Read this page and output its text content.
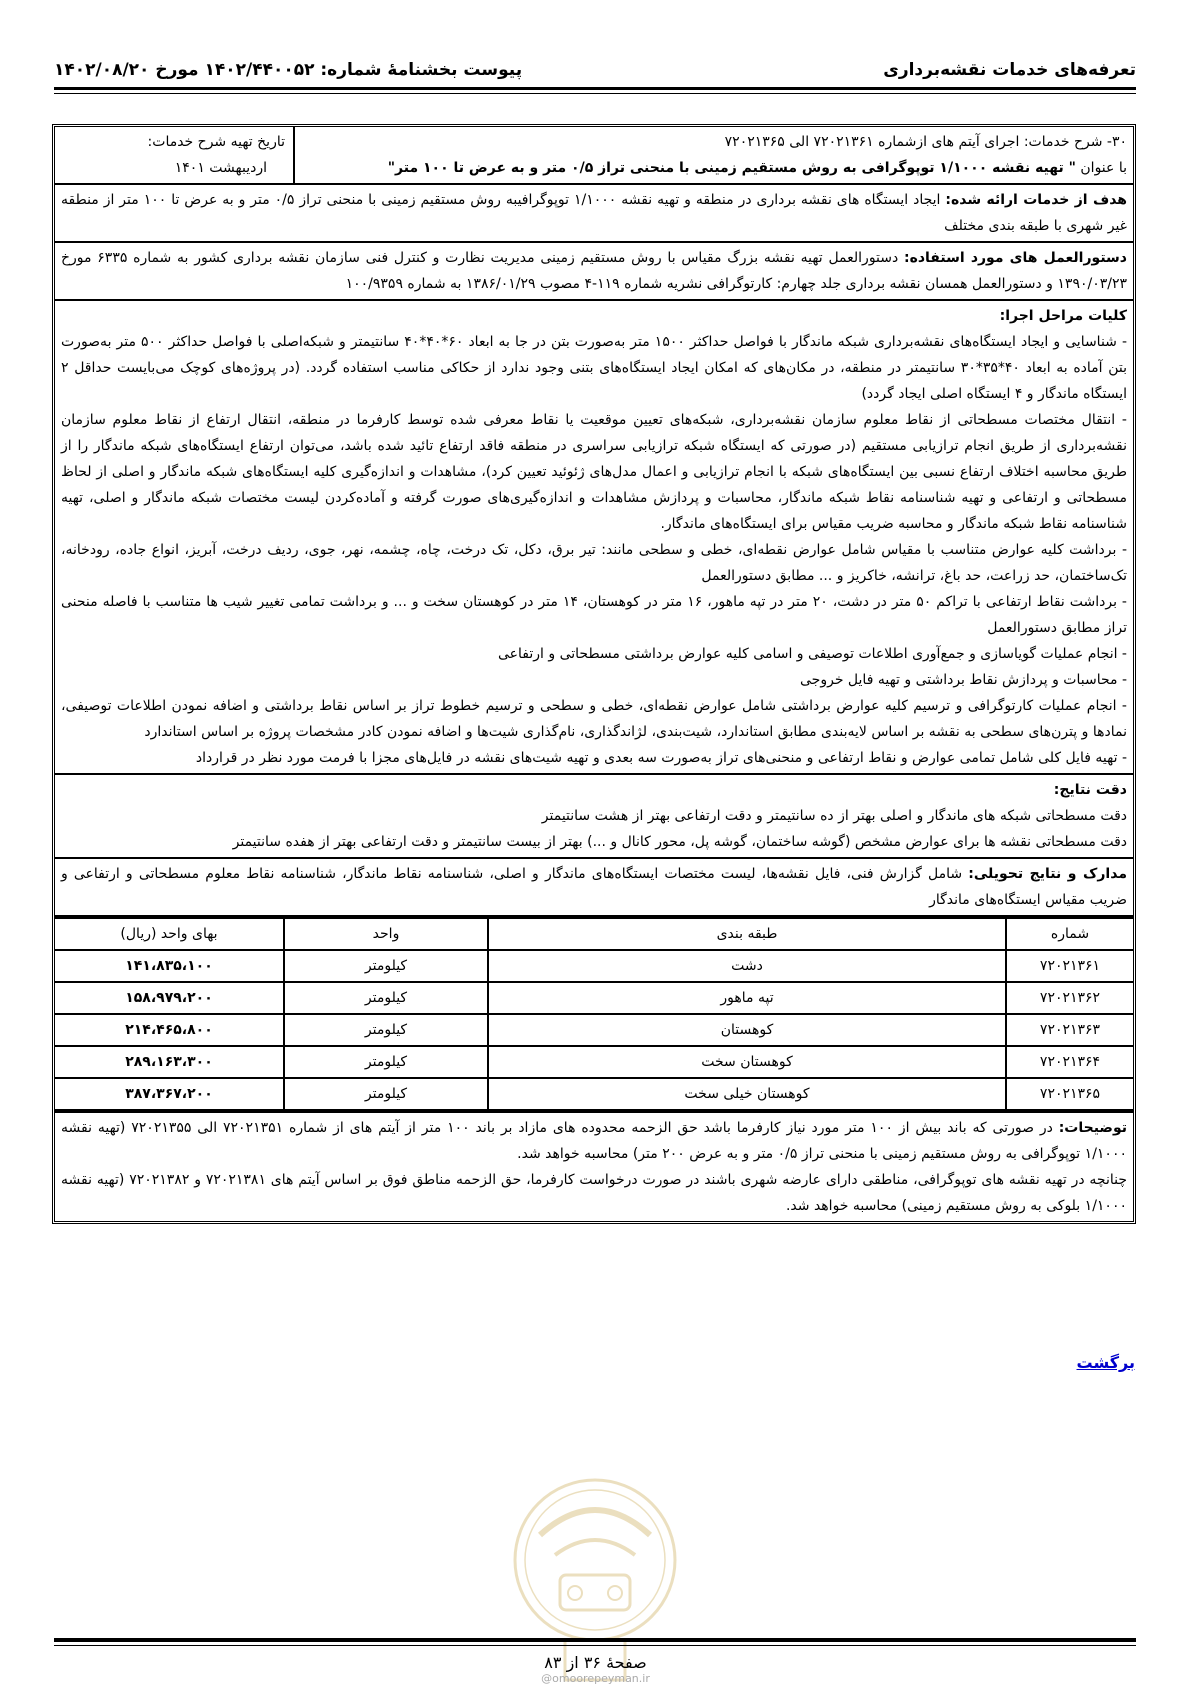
تعرفه‌های خدمات نقشه‌برداری
پیوست بخشنامهٔ شماره: ۱۴۰۲/۴۴۰۰۵۲ مورخ ۱۴۰۲/۰۸/۲۰
۳۰- شرح خدمات: اجرای آیتم های ازشماره ۷۲۰۲۱۳۶۱ الی ۷۲۰۲۱۳۶۵
با عنوان " تهیه نقشه ۱/۱۰۰۰ توپوگرافی به روش مستقیم زمینی با منحنی تراز ۰/۵ متر و به عرض تا ۱۰۰ متر"
تاریخ تهیه شرح خدمات:
اردیبهشت ۱۴۰۱
هدف از خدمات ارائه شده: ایجاد ایستگاه های نقشه برداری در منطقه و تهیه نقشه ۱/۱۰۰۰ توپوگرافیبه روش مستقیم زمینی با منحنی تراز ۰/۵ متر و به عرض تا ۱۰۰ متر از منطقه غیر شهری با طبقه بندی مختلف
دستورالعمل های مورد استفاده: دستورالعمل تهیه نقشه بزرگ مقیاس با روش مستقیم زمینی مدیریت نظارت و کنترل فنی سازمان نقشه برداری کشور به شماره ۶۳۳۵ مورخ ۱۳۹۰/۰۳/۲۳ و دستورالعمل همسان نقشه برداری جلد چهارم: کارتوگرافی نشریه شماره ۱۱۹-۴ مصوب ۱۳۸۶/۰۱/۲۹ به شماره ۱۰۰/۹۳۵۹
کلیات مراحل اجرا:
- شناسایی و ایجاد ایستگاه‌های نقشه‌برداری شبکه ماندگار با فواصل حداکثر ۱۵۰۰ متر به‌صورت بتن در جا به ابعاد ۶۰*۴۰*۴۰ سانتیمتر و شبکه‌اصلی با فواصل حداکثر ۵۰۰ متر به‌صورت بتن آماده به ابعاد ۴۰*۳۵*۳۰ سانتیمتر در منطقه، در مکان‌های که امکان ایجاد ایستگاه‌های بتنی وجود ندارد از حکاکی مناسب استفاده گردد. (در پروژه‌های کوچک می‌بایست حداقل ۲ ایستگاه ماندگار و ۴ ایستگاه اصلی ایجاد گردد)
- انتقال مختصات مسطحاتی از نقاط معلوم سازمان نقشه‌برداری، شبکه‌های تعیین موقعیت یا نقاط معرفی شده توسط کارفرما در منطقه، انتقال ارتفاع از نقاط معلوم سازمان نقشه‌برداری از طریق انجام ترازیابی مستقیم (در صورتی که ایستگاه شبکه ترازیابی سراسری در منطقه فاقد ارتفاع تائید شده باشد، می‌توان ارتفاع ایستگاه‌های شبکه ماندگار را از طریق محاسبه اختلاف ارتفاع نسبی بین ایستگاه‌های شبکه با انجام ترازیابی و اعمال مدل‌های ژئوئید تعیین کرد)، مشاهدات و اندازه‌گیری کلیه ایستگاه‌های شبکه ماندگار و اصلی از لحاظ مسطحاتی و ارتفاعی و تهیه شناسنامه نقاط شبکه ماندگار، محاسبات و پردازش مشاهدات و اندازه‌گیری‌های صورت گرفته و آماده‌کردن لیست مختصات شبکه ماندگار و اصلی، تهیه شناسنامه نقاط شبکه ماندگار و محاسبه ضریب مقیاس برای ایستگاه‌های ماندگار.
- برداشت کلیه عوارض متناسب با مقیاس شامل عوارض نقطه‌ای، خطی و سطحی مانند: تیر برق، دکل، تک درخت، چاه، چشمه، نهر، جوی، ردیف درخت، آبریز، انواع جاده، رودخانه، تک‌ساختمان، حد زراعت، حد باغ، ترانشه، خاکریز و ... مطابق دستورالعمل
- برداشت نقاط ارتفاعی با تراکم ۵۰ متر در دشت، ۲۰ متر در تپه ماهور، ۱۶ متر در کوهستان، ۱۴ متر در کوهستان سخت و ... و برداشت تمامی تغییر شیب ها متناسب با فاصله منحنی تراز مطابق دستورالعمل
- انجام عملیات گویاسازی و جمع‌آوری اطلاعات توصیفی و اسامی کلیه عوارض برداشتی مسطحاتی و ارتفاعی
- محاسبات و پردازش نقاط برداشتی و تهیه فایل خروجی
- انجام عملیات کارتوگرافی و ترسیم کلیه عوارض برداشتی شامل عوارض نقطه‌ای، خطی و سطحی و ترسیم خطوط تراز بر اساس نقاط برداشتی و اضافه نمودن اطلاعات توصیفی، نمادها و پترن‌های سطحی به نقشه بر اساس لایه‌بندی مطابق استاندارد، شیت‌بندی، لژاندگذاری، نام‌گذاری شیت‌ها و اضافه نمودن کادر مشخصات پروژه بر اساس استاندارد
- تهیه فایل کلی شامل تمامی عوارض و نقاط ارتفاعی و منحنی‌های تراز به‌صورت سه بعدی و تهیه شیت‌های نقشه در فایل‌های مجزا با فرمت مورد نظر در قرارداد
دقت نتایج:
دقت مسطحاتی شبکه های ماندگار و اصلی بهتر از ده سانتیمتر و دقت ارتفاعی بهتر از هشت سانتیمتر
دقت مسطحاتی نقشه ها برای عوارض مشخص (گوشه ساختمان، گوشه پل، محور کانال و ...) بهتر از بیست سانتیمتر و دقت ارتفاعی بهتر از هفده سانتیمتر
مدارک و نتایج تحویلی: شامل گزارش فنی، فایل نقشه‌ها، لیست مختصات ایستگاه‌های ماندگار و اصلی، شناسنامه نقاط ماندگار، شناسنامه نقاط معلوم مسطحاتی و ارتفاعی و ضریب مقیاس ایستگاه‌های ماندگار
شماره	طبقه بندی	واحد	بهای واحد (ریال)
۷۲۰۲۱۳۶۱	دشت	کیلومتر	۱۴۱،۸۳۵،۱۰۰
۷۲۰۲۱۳۶۲	تپه ماهور	کیلومتر	۱۵۸،۹۷۹،۲۰۰
۷۲۰۲۱۳۶۳	کوهستان	کیلومتر	۲۱۴،۴۶۵،۸۰۰
۷۲۰۲۱۳۶۴	کوهستان سخت	کیلومتر	۲۸۹،۱۶۳،۳۰۰
۷۲۰۲۱۳۶۵	کوهستان خیلی سخت	کیلومتر	۳۸۷،۳۶۷،۲۰۰
توضیحات: در صورتی که باند بیش از ۱۰۰ متر مورد نیاز کارفرما باشد حق الزحمه محدوده های مازاد بر باند ۱۰۰ متر از آیتم های از شماره ۷۲۰۲۱۳۵۱ الی ۷۲۰۲۱۳۵۵ (تهیه نقشه ۱/۱۰۰۰ توپوگرافی به روش مستقیم زمینی با منحنی تراز ۰/۵ متر و به عرض ۲۰۰ متر) محاسبه خواهد شد.
چنانچه در تهیه نقشه های توپوگرافی، مناطقی دارای عارضه شهری باشند در صورت درخواست کارفرما، حق الزحمه مناطق فوق بر اساس آیتم های ۷۲۰۲۱۳۸۱ و ۷۲۰۲۱۳۸۲ (تهیه نقشه ۱/۱۰۰۰ بلوکی به روش مستقیم زمینی) محاسبه خواهد شد.
برگشت
صفحهٔ ۳۶ از ۸۳
@omoorepeyman.ir
